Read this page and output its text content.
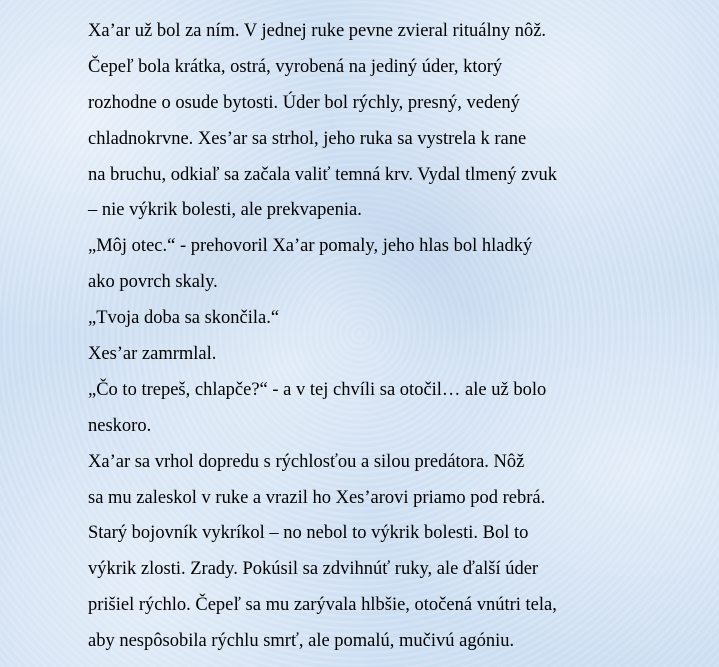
Xa’ar už bol za ním. V jednej ruke pevne zvieral rituálny nôž.
Čepeľ bola krátka, ostrá, vyrobená na jediný úder, ktorý
rozhodne o osude bytosti. Úder bol rýchly, presný, vedený
chladnokrvne. Xes’ar sa strhol, jeho ruka sa vystrela k rane
na bruchu, odkiaľ sa začala valiť temná krv. Vydal tlmený zvuk
– nie výkrik bolesti, ale prekvapenia.
„Môj otec.“ - prehovoril Xa’ar pomaly, jeho hlas bol hladký
ako povrch skaly.
„Tvoja doba sa skončila.“
Xes’ar zamrmlal.
„Čo to trepeš, chlapče?“ - a v tej chvíli sa otočil… ale už bolo
neskoro.
Xa’ar sa vrhol dopredu s rýchlosťou a silou predátora. Nôž
sa mu zaleskol v ruke a vrazil ho Xes’arovi priamo pod rebrá.
Starý bojovník vykríkol – no nebol to výkrik bolesti. Bol to
výkrik zlosti. Zrady. Pokúsil sa zdvihnúť ruky, ale ďalší úder
prišiel rýchlo. Čepeľ sa mu zarývala hlbšie, otočená vnútri tela,
aby nespôsobila rýchlu smrť, ale pomalú, mučivú agóniu.
